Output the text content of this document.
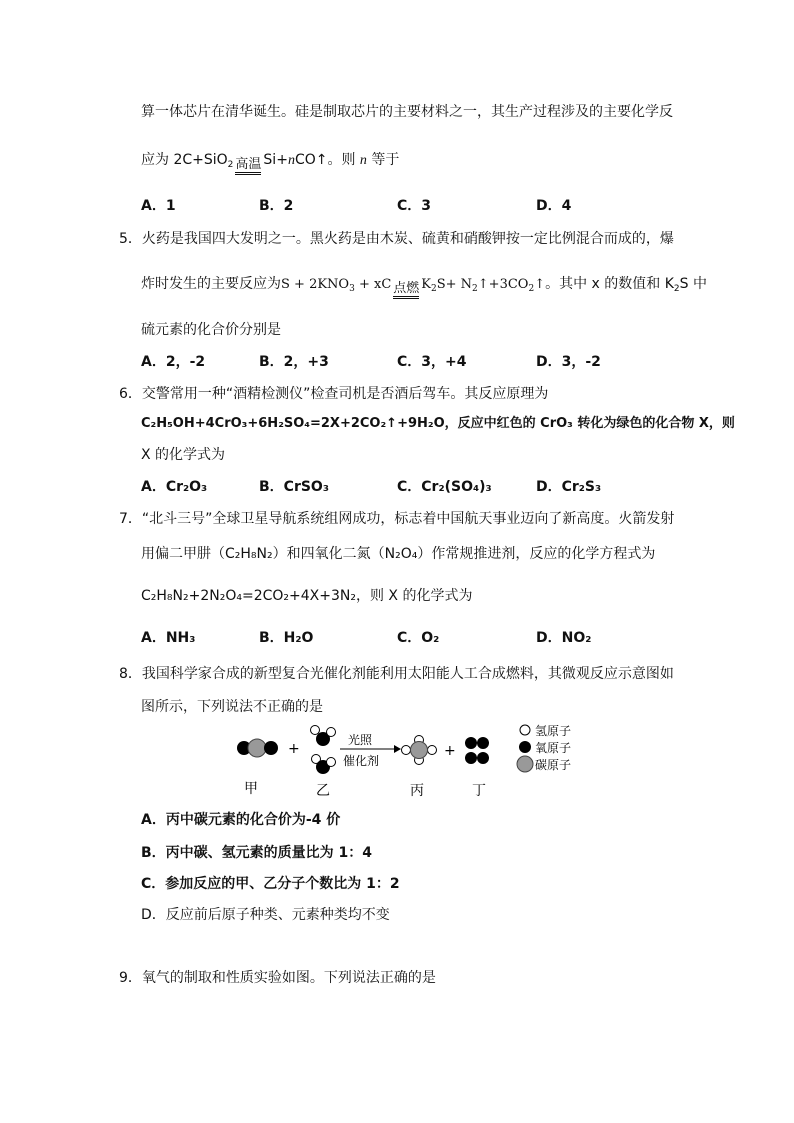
算一体芯片在清华诞生。硅是制取芯片的主要材料之一，其生产过程涉及的主要化学反
应为 2C+SiO$_2$ 高温 Si+nCO↑。则 n 等于
A．1	B．2	C．3	D．4
5．火药是我国四大发明之一。黑火药是由木炭、硫黄和硝酸钾按一定比例混合而成的，爆
炸时发生的主要反应为$S + 2KNO_3$ + xC 点燃 $K_2S+$ $N_2↑+3CO_2↑$。其中 x 的数值和 $K_2S$ 中
硫元素的化合价分别是
A．2，-2	B．2，+3	C．3，+4	D．3，-2
6．交警常用一种“酒精检测仪”检查司机是否酒后驾车。其反应原理为
C₂H₅OH+4CrO₃+6H₂SO₄=2X+2CO₂↑+9H₂O，反应中红色的 CrO₃ 转化为绿色的化合物 X，则
X 的化学式为
A．Cr₂O₃	B．CrSO₃	C．Cr₂(SO₄)₃	D．Cr₂S₃
7．“北斗三号”全球卫星导航系统组网成功，标志着中国航天事业迈向了新高度。火箭发射
用偏二甲肼（C₂H₈N₂）和四氧化二氮（N₂O₄）作常规推进剂，反应的化学方程式为
C₂H₈N₂+2N₂O₄=2CO₂+4X+3N₂，则 X 的化学式为
A．NH₃	B．H₂O	C．O₂	D．NO₂
8．我国科学家合成的新型复合光催化剂能利用太阳能人工合成燃料，其微观反应示意图如
图所示，下列说法不正确的是
+
光照
催化剂
+
氢原子
氧原子
碳原子
甲	乙	丙	丁
A．丙中碳元素的化合价为-4 价
B．丙中碳、氢元素的质量比为 1：4
C．参加反应的甲、乙分子个数比为 1：2
D．反应前后原子种类、元素种类均不变
9．氧气的制取和性质实验如图。下列说法正确的是
